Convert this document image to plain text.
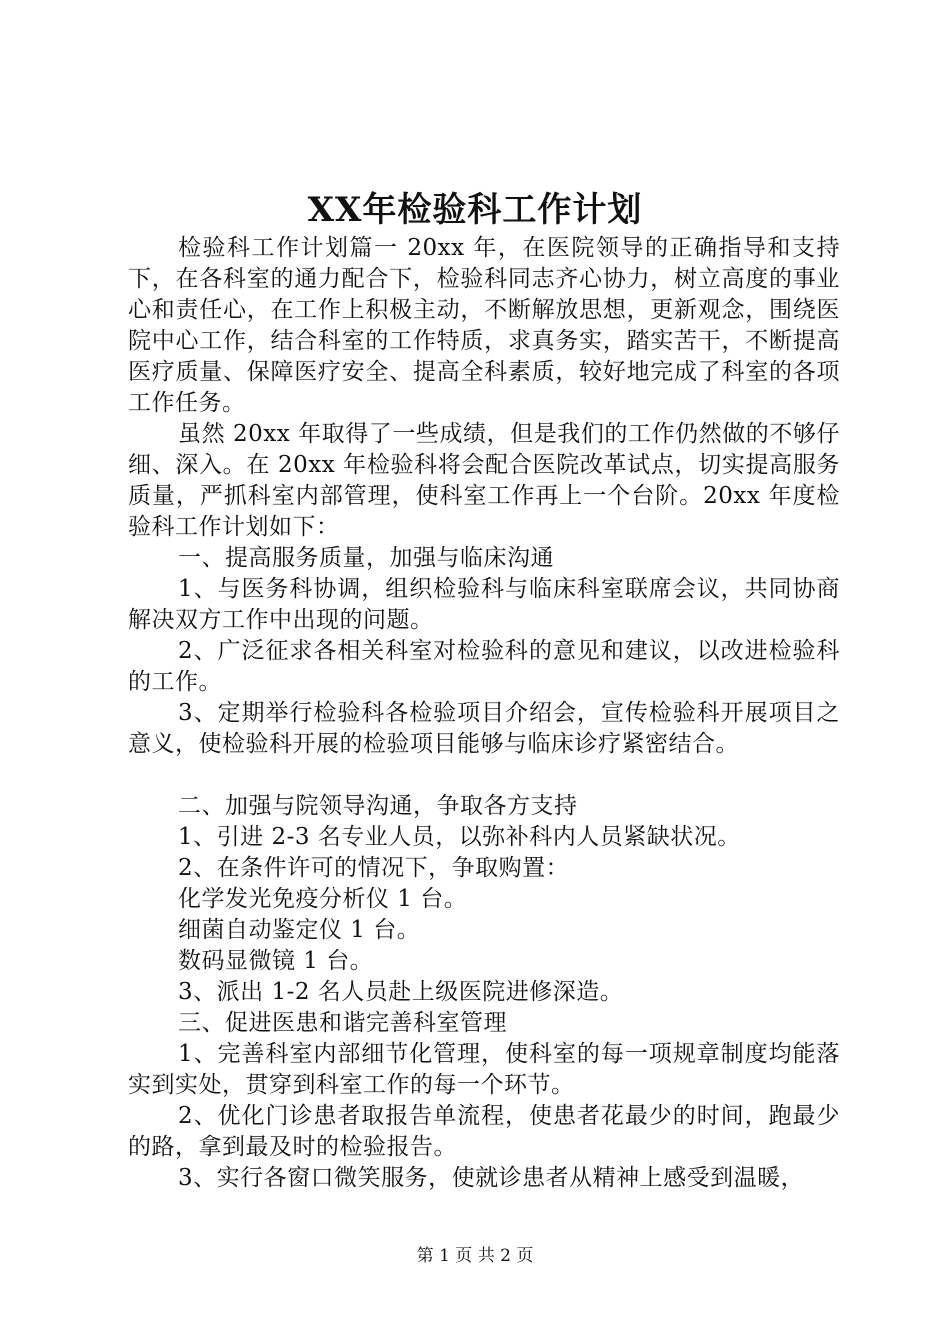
XX年检验科工作计划

检验科工作计划篇一 20xx 年，在医院领导的正确指导和支持下，在各科室的通力配合下，检验科同志齐心协力，树立高度的事业心和责任心，在工作上积极主动，不断解放思想，更新观念，围绕医院中心工作，结合科室的工作特质，求真务实，踏实苦干，不断提高医疗质量、保障医疗安全、提高全科素质，较好地完成了科室的各项工作任务。

虽然 20xx 年取得了一些成绩，但是我们的工作仍然做的不够仔细、深入。在 20xx 年检验科将会配合医院改革试点，切实提高服务质量，严抓科室内部管理，使科室工作再上一个台阶。20xx 年度检验科工作计划如下：

一、提高服务质量，加强与临床沟通

1、与医务科协调，组织检验科与临床科室联席会议，共同协商解决双方工作中出现的问题。

2、广泛征求各相关科室对检验科的意见和建议，以改进检验科的工作。

3、定期举行检验科各检验项目介绍会，宣传检验科开展项目之意义，使检验科开展的检验项目能够与临床诊疗紧密结合。

二、加强与院领导沟通，争取各方支持

1、引进 2-3 名专业人员，以弥补科内人员紧缺状况。

2、在条件许可的情况下，争取购置：

化学发光免疫分析仪 1 台。

细菌自动鉴定仪 1 台。

数码显微镜 1 台。

3、派出 1-2 名人员赴上级医院进修深造。

三、促进医患和谐完善科室管理

1、完善科室内部细节化管理，使科室的每一项规章制度均能落实到实处，贯穿到科室工作的每一个环节。

2、优化门诊患者取报告单流程，使患者花最少的时间，跑最少的路，拿到最及时的检验报告。

3、实行各窗口微笑服务，使就诊患者从精神上感受到温暖，

第 1 页 共 2 页
